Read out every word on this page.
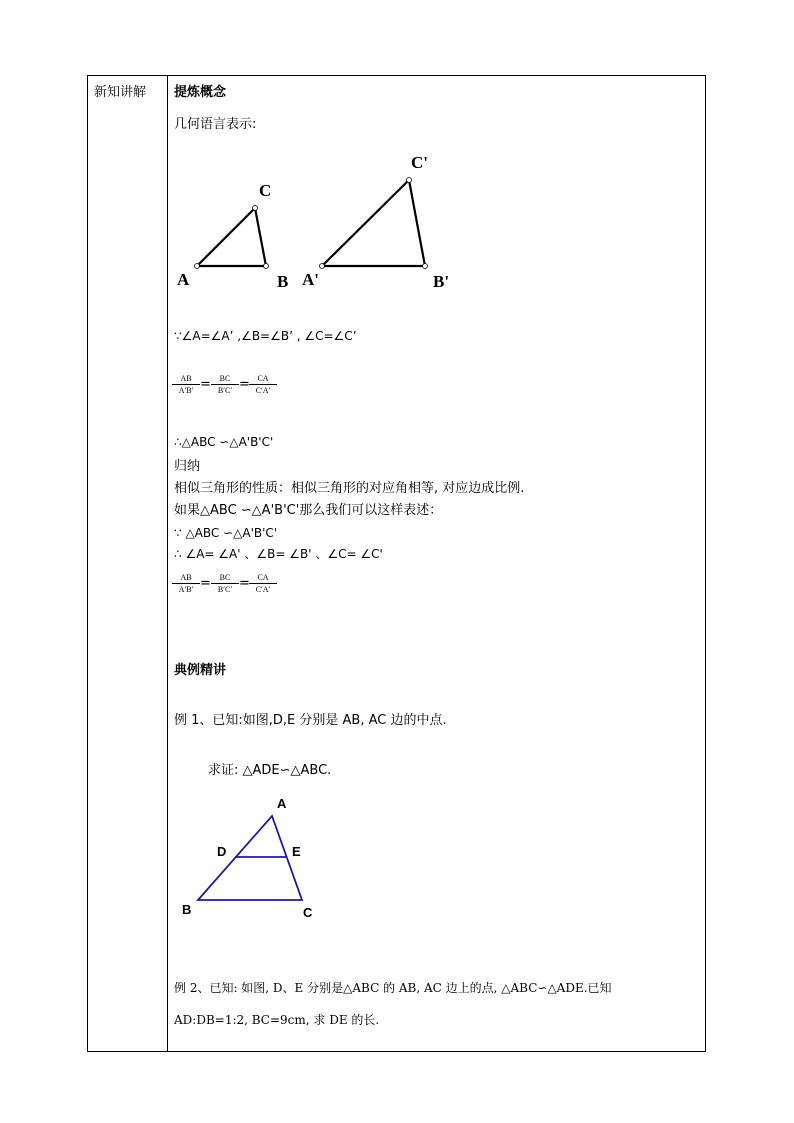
新知讲解 提炼概念
几何语言表示:
A	B
C
A'	B'
C'
A
B	C
D	E
∵∠A=∠A’ ,∠B=∠B’ , ∠C=∠C’
$\frac{AB}{A'B'} = \frac{BC}{B'C'} = \frac{CA}{C'A'}$
∴△ABC ∽△A'B'C'
归纳
相似三角形的性质：相似三角形的对应角相等, 对应边成比例.
如果△ABC ∽△A'B'C'那么我们可以这样表述：
∵ △ABC ∽△A'B'C'
∴ ∠A= ∠A' 、∠B= ∠B' 、∠C= ∠C'
$\frac{AB}{A'B'} = \frac{BC}{B'C'} = \frac{CA}{C'A'}$
典例精讲
例 1、已知:如图,D,E 分别是 AB, AC 边的中点.
求证: △ADE∽△ABC.
例 2、已知: 如图, D、E 分别是△ABC 的 AB, AC 边上的点, △ABC∽△ADE.已知
AD:DB=1:2, BC=9cm, 求 DE 的长.
